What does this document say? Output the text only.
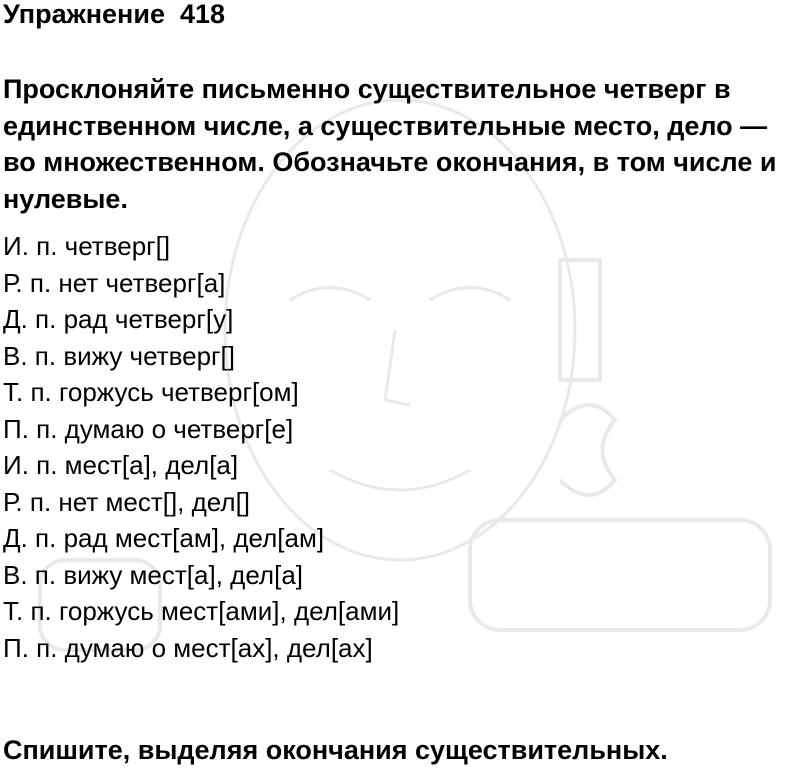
Упражнение  418
Просклоняйте письменно существительное четверг в единственном числе, а существительные место, дело — во множественном. Обозначьте окончания, в том числе и нулевые.
И. п. четверг[]
Р. п. нет четверг[а]
Д. п. рад четверг[у]
В. п. вижу четверг[]
Т. п. горжусь четверг[ом]
П. п. думаю о четверг[е]
И. п. мест[а], дел[а]
Р. п. нет мест[], дел[]
Д. п. рад мест[ам], дел[ам]
В. п. вижу мест[а], дел[а]
Т. п. горжусь мест[ами], дел[ами]
П. п. думаю о мест[ах], дел[ах]
Спишите, выделяя окончания существительных.
